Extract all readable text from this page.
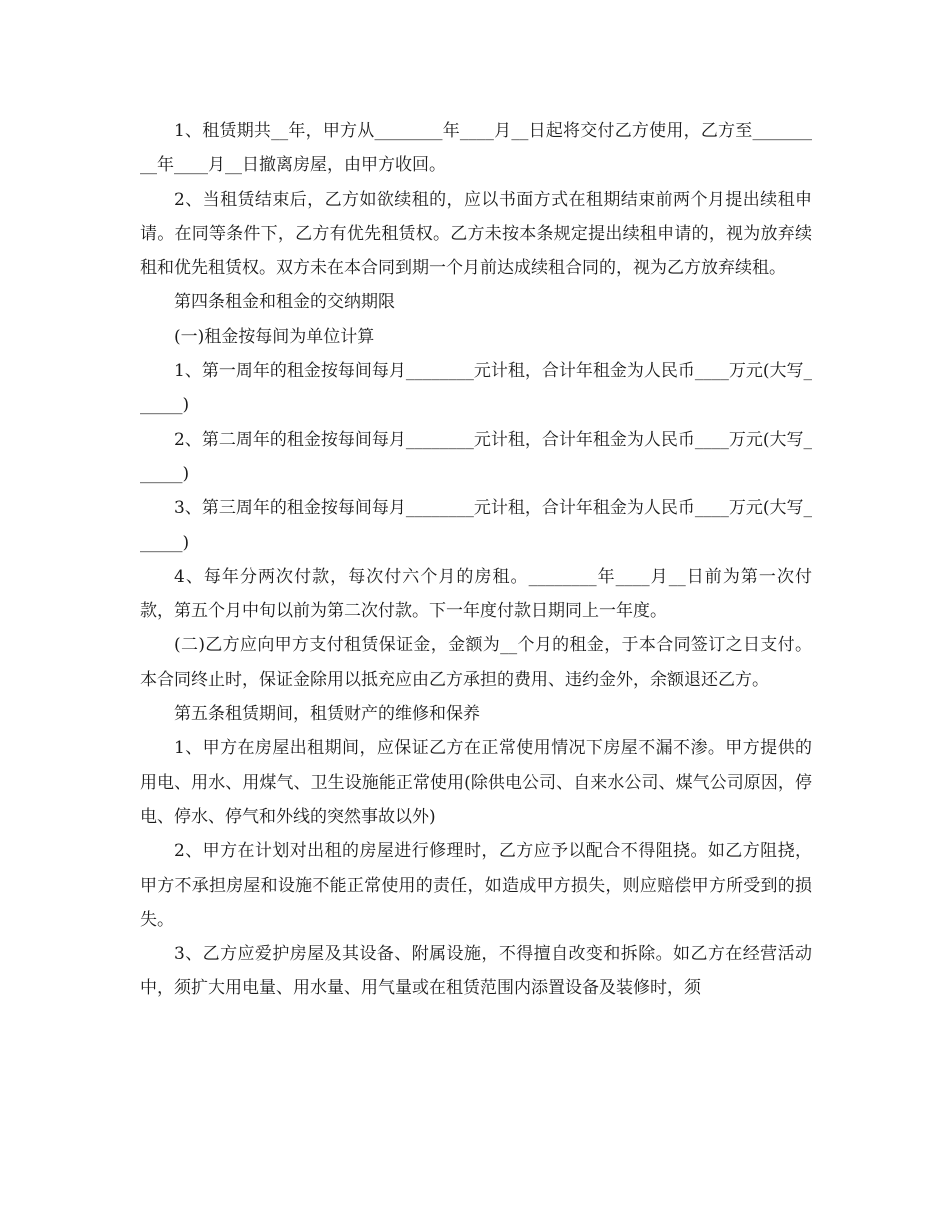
1、租赁期共__年，甲方从________年____月__日起将交付乙方使用，乙方至_________年____月__日撤离房屋，由甲方收回。

2、当租赁结束后，乙方如欲续租的，应以书面方式在租期结束前两个月提出续租申请。在同等条件下，乙方有优先租赁权。乙方未按本条规定提出续租申请的，视为放弃续租和优先租赁权。双方未在本合同到期一个月前达成续租合同的，视为乙方放弃续租。

第四条租金和租金的交纳期限

(一)租金按每间为单位计算

1、第一周年的租金按每间每月________元计租，合计年租金为人民币____万元(大写______)

2、第二周年的租金按每间每月________元计租，合计年租金为人民币____万元(大写______)

3、第三周年的租金按每间每月________元计租，合计年租金为人民币____万元(大写______)

4、每年分两次付款，每次付六个月的房租。________年____月__日前为第一次付款，第五个月中旬以前为第二次付款。下一年度付款日期同上一年度。

(二)乙方应向甲方支付租赁保证金，金额为__个月的租金，于本合同签订之日支付。本合同终止时，保证金除用以抵充应由乙方承担的费用、违约金外，余额退还乙方。

第五条租赁期间，租赁财产的维修和保养

1、甲方在房屋出租期间，应保证乙方在正常使用情况下房屋不漏不渗。甲方提供的用电、用水、用煤气、卫生设施能正常使用(除供电公司、自来水公司、煤气公司原因，停电、停水、停气和外线的突然事故以外)

2、甲方在计划对出租的房屋进行修理时，乙方应予以配合不得阻挠。如乙方阻挠，甲方不承担房屋和设施不能正常使用的责任，如造成甲方损失，则应赔偿甲方所受到的损失。

3、乙方应爱护房屋及其设备、附属设施，不得擅自改变和拆除。如乙方在经营活动中，须扩大用电量、用水量、用气量或在租赁范围内添置设备及装修时，须
